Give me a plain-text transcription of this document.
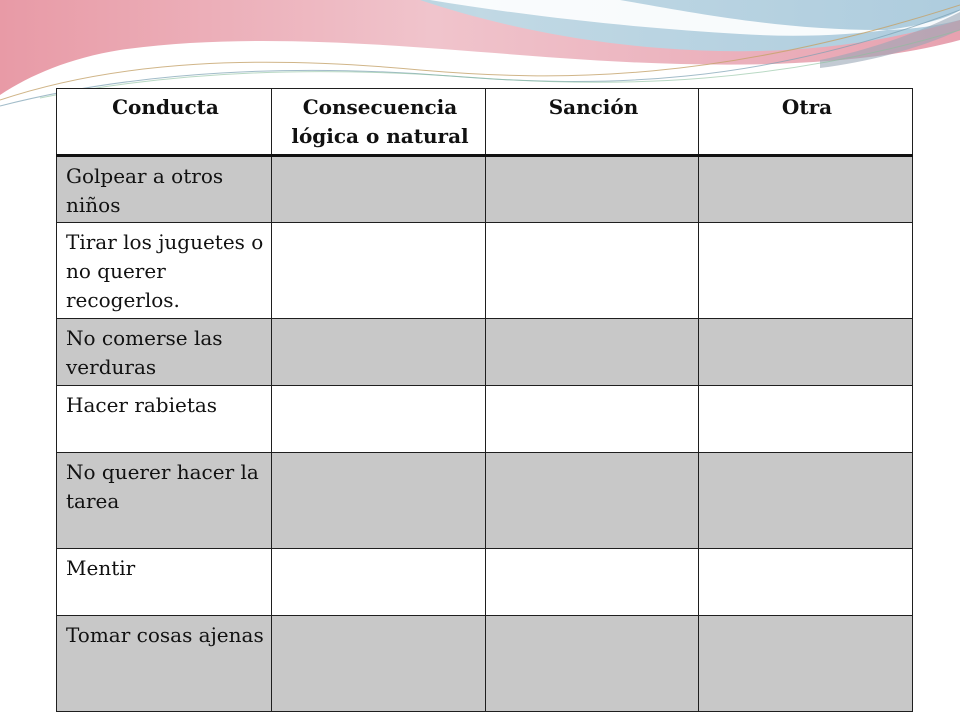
Conducta	Consecuencia lógica o natural	Sanción	Otra
Golpear a otros niños			
Tirar los juguetes o no querer recogerlos.			
No comerse las verduras			
Hacer rabietas			
No querer hacer la tarea			
Mentir			
Tomar cosas ajenas			
